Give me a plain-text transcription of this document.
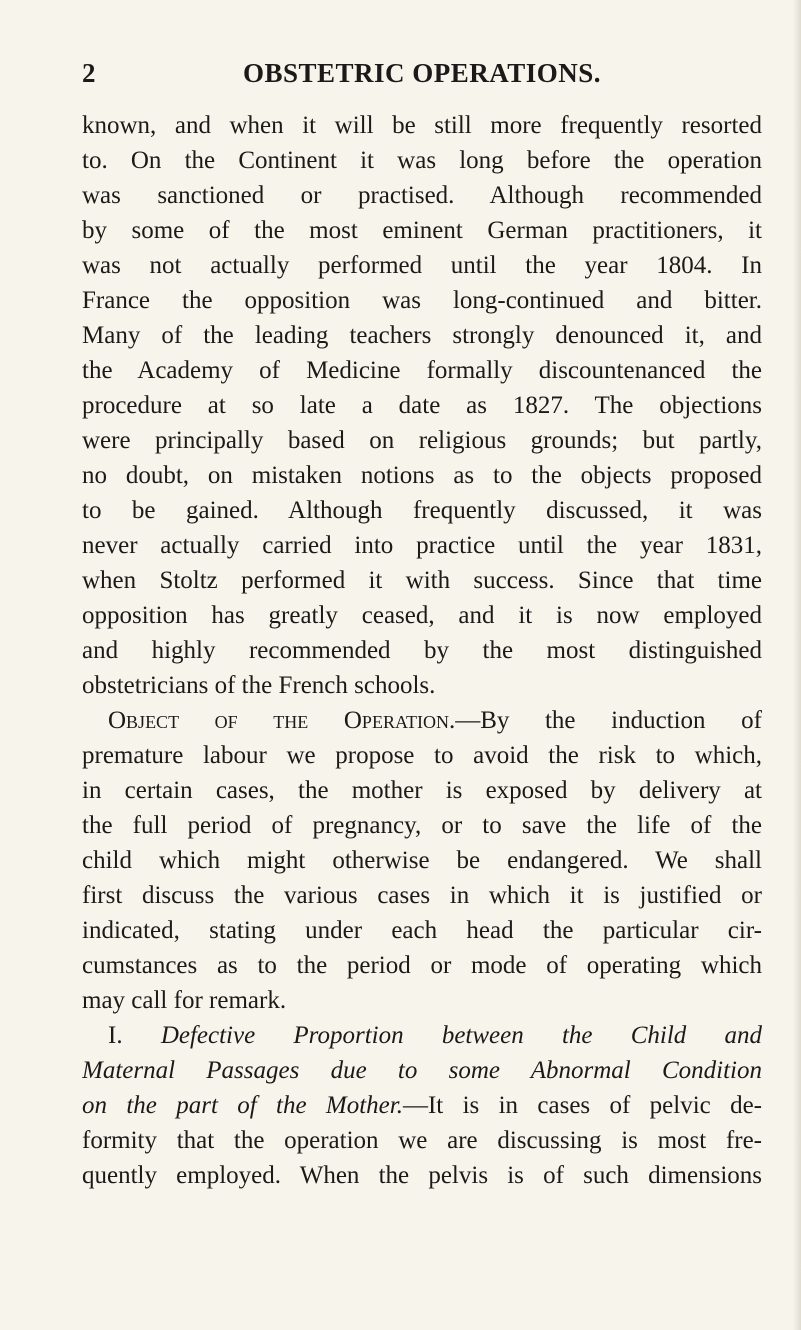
2	OBSTETRIC OPERATIONS.
known, and when it will be still more frequently resorted
to. On the Continent it was long before the operation
was sanctioned or practised. Although recommended
by some of the most eminent German practitioners, it
was not actually performed until the year 1804. In
France the opposition was long-continued and bitter.
Many of the leading teachers strongly denounced it, and
the Academy of Medicine formally discountenanced the
procedure at so late a date as 1827. The objections
were principally based on religious grounds; but partly,
no doubt, on mistaken notions as to the objects proposed
to be gained. Although frequently discussed, it was
never actually carried into practice until the year 1831,
when Stoltz performed it with success. Since that time
opposition has greatly ceased, and it is now employed
and highly recommended by the most distinguished
obstetricians of the French schools.
Object of the Operation.—By the induction of
premature labour we propose to avoid the risk to which,
in certain cases, the mother is exposed by delivery at
the full period of pregnancy, or to save the life of the
child which might otherwise be endangered. We shall
first discuss the various cases in which it is justified or
indicated, stating under each head the particular cir-
cumstances as to the period or mode of operating which
may call for remark.
I. Defective Proportion between the Child and
Maternal Passages due to some Abnormal Condition
on the part of the Mother.—It is in cases of pelvic de-
formity that the operation we are discussing is most fre-
quently employed. When the pelvis is of such dimensions
